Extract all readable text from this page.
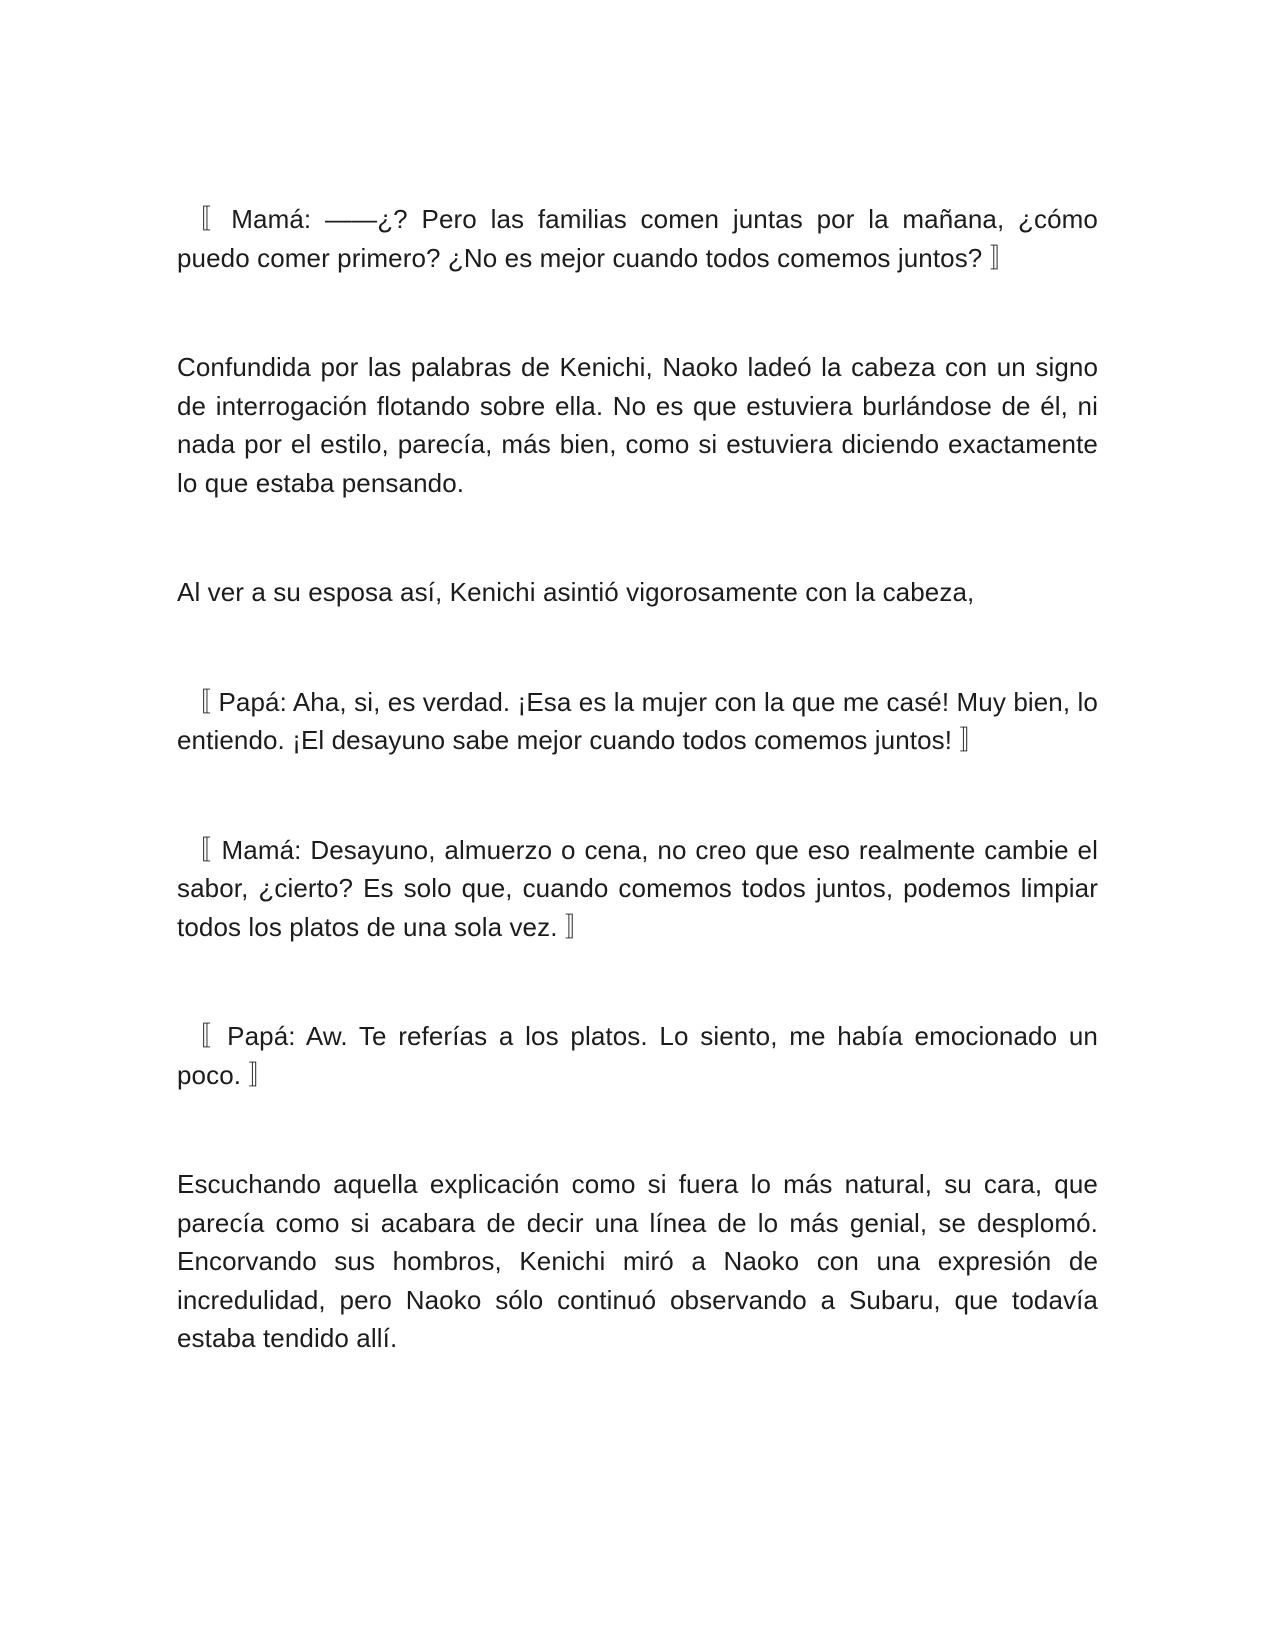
〚 Mamá: ——¿? Pero las familias comen juntas por la mañana, ¿cómo puedo comer primero? ¿No es mejor cuando todos comemos juntos? 〛

Confundida por las palabras de Kenichi, Naoko ladeó la cabeza con un signo de interrogación flotando sobre ella. No es que estuviera burlándose de él, ni nada por el estilo, parecía, más bien, como si estuviera diciendo exactamente lo que estaba pensando.

Al ver a su esposa así, Kenichi asintió vigorosamente con la cabeza,

〚 Papá: Aha, si, es verdad. ¡Esa es la mujer con la que me casé! Muy bien, lo entiendo. ¡El desayuno sabe mejor cuando todos comemos juntos! 〛

〚 Mamá: Desayuno, almuerzo o cena, no creo que eso realmente cambie el sabor, ¿cierto? Es solo que, cuando comemos todos juntos, podemos limpiar todos los platos de una sola vez. 〛

〚 Papá: Aw. Te referías a los platos. Lo siento, me había emocionado un poco. 〛

Escuchando aquella explicación como si fuera lo más natural, su cara, que parecía como si acabara de decir una línea de lo más genial, se desplomó. Encorvando sus hombros, Kenichi miró a Naoko con una expresión de incredulidad, pero Naoko sólo continuó observando a Subaru, que todavía estaba tendido allí.
